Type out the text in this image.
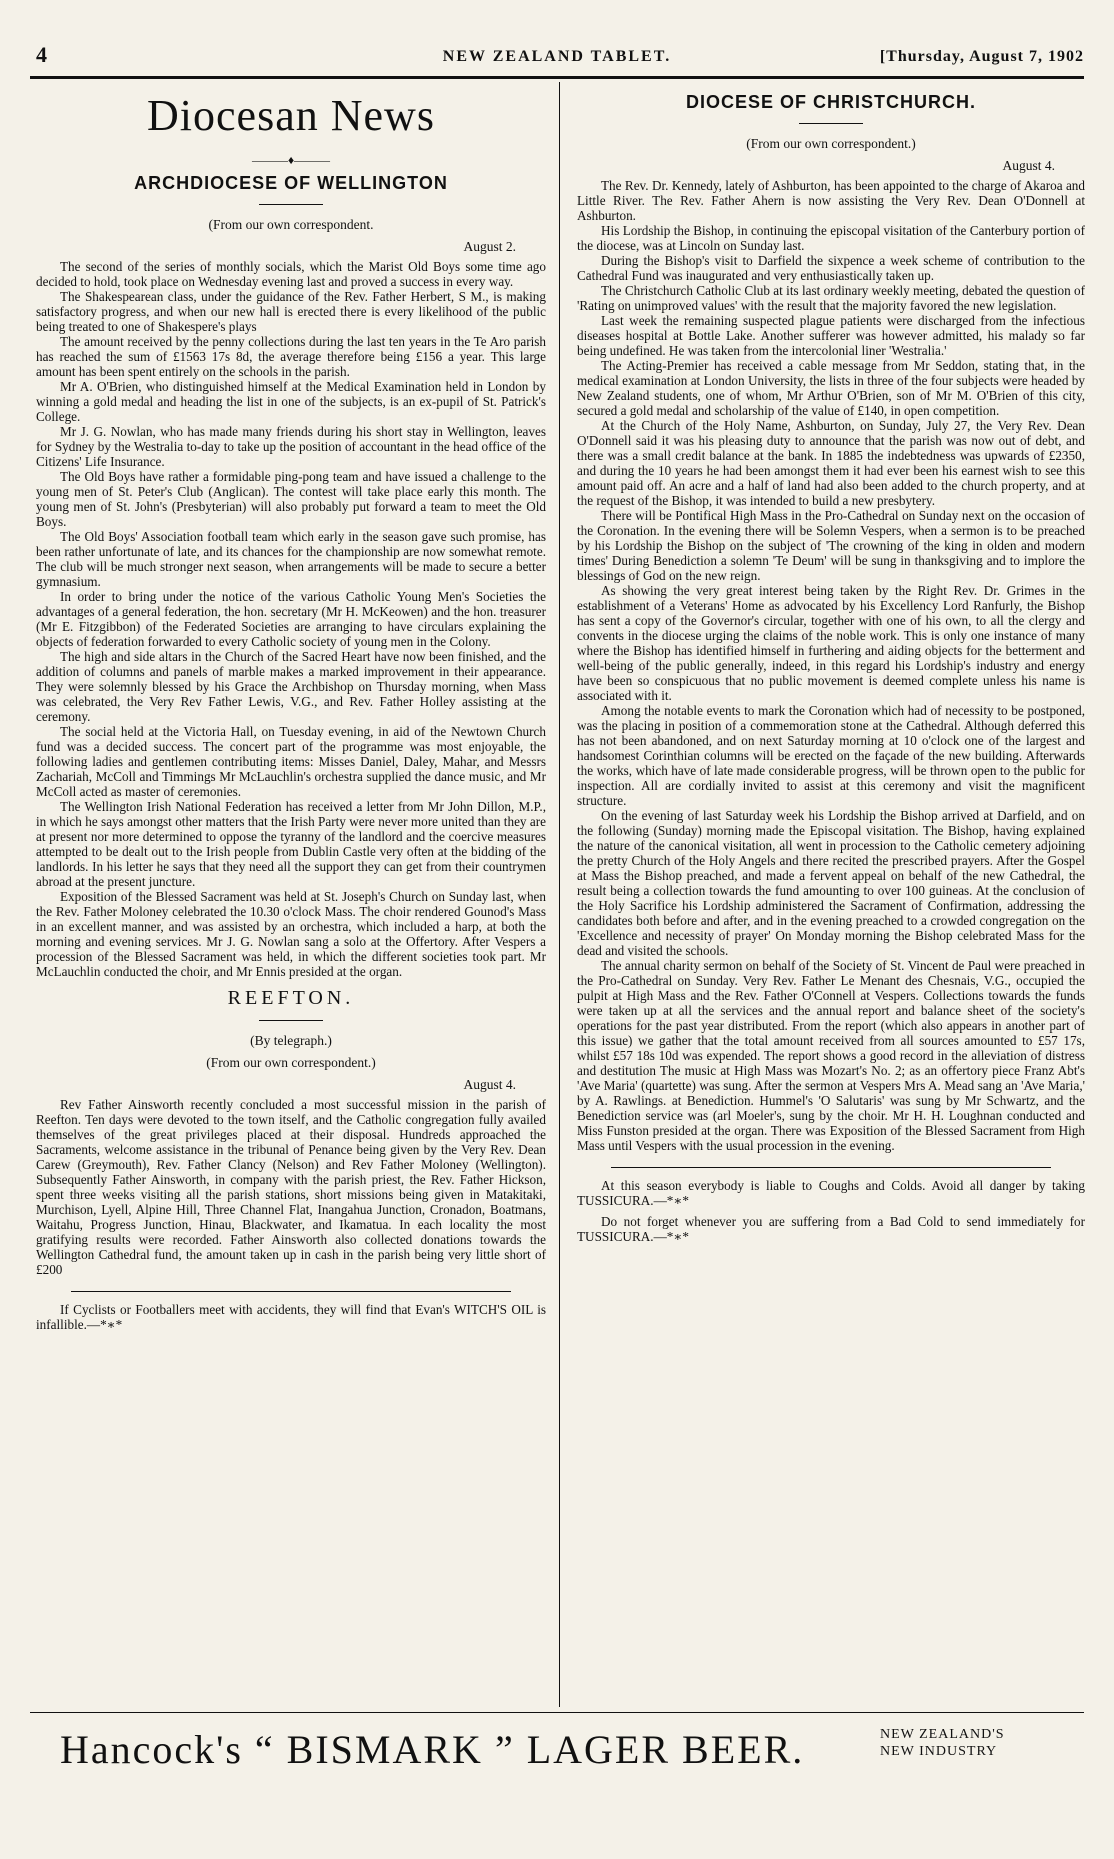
4	NEW ZEALAND TABLET.	[Thursday, August 7, 1902
Diocesan News
———♦———
ARCHDIOCESE OF WELLINGTON
(From our own correspondent.
August 2.

The second of the series of monthly socials, which the Marist Old Boys some time ago decided to hold, took place on Wednesday evening last and proved a success in every way.

The Shakespearean class, under the guidance of the Rev. Father Herbert, S M., is making satisfactory progress, and when our new hall is erected there is every likelihood of the public being treated to one of Shakespere's plays

The amount received by the penny collections during the last ten years in the Te Aro parish has reached the sum of £1563 17s 8d, the average therefore being £156 a year. This large amount has been spent entirely on the schools in the parish.

Mr A. O'Brien, who distinguished himself at the Medical Examination held in London by winning a gold medal and heading the list in one of the subjects, is an ex-pupil of St. Patrick's College.

Mr J. G. Nowlan, who has made many friends during his short stay in Wellington, leaves for Sydney by the Westralia to-day to take up the position of accountant in the head office of the Citizens' Life Insurance.

The Old Boys have rather a formidable ping-pong team and have issued a challenge to the young men of St. Peter's Club (Anglican). The contest will take place early this month. The young men of St. John's (Presbyterian) will also probably put forward a team to meet the Old Boys.

The Old Boys' Association football team which early in the season gave such promise, has been rather unfortunate of late, and its chances for the championship are now somewhat remote. The club will be much stronger next season, when arrangements will be made to secure a better gymnasium.

In order to bring under the notice of the various Catholic Young Men's Societies the advantages of a general federation, the hon. secretary (Mr H. McKeowen) and the hon. treasurer (Mr E. Fitzgibbon) of the Federated Societies are arranging to have circulars explaining the objects of federation forwarded to every Catholic society of young men in the Colony.

The high and side altars in the Church of the Sacred Heart have now been finished, and the addition of columns and panels of marble makes a marked improvement in their appearance. They were solemnly blessed by his Grace the Archbishop on Thursday morning, when Mass was celebrated, the Very Rev Father Lewis, V.G., and Rev. Father Holley assisting at the ceremony.

The social held at the Victoria Hall, on Tuesday evening, in aid of the Newtown Church fund was a decided success. The concert part of the programme was most enjoyable, the following ladies and gentlemen contributing items: Misses Daniel, Daley, Mahar, and Messrs Zachariah, McColl and Timmings Mr McLauchlin's orchestra supplied the dance music, and Mr McColl acted as master of ceremonies.

The Wellington Irish National Federation has received a letter from Mr John Dillon, M.P., in which he says amongst other matters that the Irish Party were never more united than they are at present nor more determined to oppose the tyranny of the landlord and the coercive measures attempted to be dealt out to the Irish people from Dublin Castle very often at the bidding of the landlords. In his letter he says that they need all the support they can get from their countrymen abroad at the present juncture.

Exposition of the Blessed Sacrament was held at St. Joseph's Church on Sunday last, when the Rev. Father Moloney celebrated the 10.30 o'clock Mass. The choir rendered Gounod's Mass in an excellent manner, and was assisted by an orchestra, which included a harp, at both the morning and evening services. Mr J. G. Nowlan sang a solo at the Offertory. After Vespers a procession of the Blessed Sacrament was held, in which the different societies took part. Mr McLauchlin conducted the choir, and Mr Ennis presided at the organ.

REEFTON.
(By telegraph.)
(From our own correspondent.)
August 4.

Rev Father Ainsworth recently concluded a most successful mission in the parish of Reefton. Ten days were devoted to the town itself, and the Catholic congregation fully availed themselves of the great privileges placed at their disposal. Hundreds approached the Sacraments, welcome assistance in the tribunal of Penance being given by the Very Rev. Dean Carew (Greymouth), Rev. Father Clancy (Nelson) and Rev Father Moloney (Wellington). Subsequently Father Ainsworth, in company with the parish priest, the Rev. Father Hickson, spent three weeks visiting all the parish stations, short missions being given in Matakitaki, Murchison, Lyell, Alpine Hill, Three Channel Flat, Inangahua Junction, Cronadon, Boatmans, Waitahu, Progress Junction, Hinau, Blackwater, and Ikamatua. In each locality the most gratifying results were recorded. Father Ainsworth also collected donations towards the Wellington Cathedral fund, the amount taken up in cash in the parish being very little short of £200

If Cyclists or Footballers meet with accidents, they will find that Evan's WITCH'S OIL is infallible.—*∗*

DIOCESE OF CHRISTCHURCH.
(From our own correspondent.)
August 4.

The Rev. Dr. Kennedy, lately of Ashburton, has been appointed to the charge of Akaroa and Little River. The Rev. Father Ahern is now assisting the Very Rev. Dean O'Donnell at Ashburton.

His Lordship the Bishop, in continuing the episcopal visitation of the Canterbury portion of the diocese, was at Lincoln on Sunday last.

During the Bishop's visit to Darfield the sixpence a week scheme of contribution to the Cathedral Fund was inaugurated and very enthusiastically taken up.

The Christchurch Catholic Club at its last ordinary weekly meeting, debated the question of 'Rating on unimproved values' with the result that the majority favored the new legislation.

Last week the remaining suspected plague patients were discharged from the infectious diseases hospital at Bottle Lake. Another sufferer was however admitted, his malady so far being undefined. He was taken from the intercolonial liner 'Westralia.'

The Acting-Premier has received a cable message from Mr Seddon, stating that, in the medical examination at London University, the lists in three of the four subjects were headed by New Zealand students, one of whom, Mr Arthur O'Brien, son of Mr M. O'Brien of this city, secured a gold medal and scholarship of the value of £140, in open competition.

At the Church of the Holy Name, Ashburton, on Sunday, July 27, the Very Rev. Dean O'Donnell said it was his pleasing duty to announce that the parish was now out of debt, and there was a small credit balance at the bank. In 1885 the indebtedness was upwards of £2350, and during the 10 years he had been amongst them it had ever been his earnest wish to see this amount paid off. An acre and a half of land had also been added to the church property, and at the request of the Bishop, it was intended to build a new presbytery.

There will be Pontifical High Mass in the Pro-Cathedral on Sunday next on the occasion of the Coronation. In the evening there will be Solemn Vespers, when a sermon is to be preached by his Lordship the Bishop on the subject of 'The crowning of the king in olden and modern times' During Benediction a solemn 'Te Deum' will be sung in thanksgiving and to implore the blessings of God on the new reign.

As showing the very great interest being taken by the Right Rev. Dr. Grimes in the establishment of a Veterans' Home as advocated by his Excellency Lord Ranfurly, the Bishop has sent a copy of the Governor's circular, together with one of his own, to all the clergy and convents in the diocese urging the claims of the noble work. This is only one instance of many where the Bishop has identified himself in furthering and aiding objects for the betterment and well-being of the public generally, indeed, in this regard his Lordship's industry and energy have been so conspicuous that no public movement is deemed complete unless his name is associated with it.

Among the notable events to mark the Coronation which had of necessity to be postponed, was the placing in position of a commemoration stone at the Cathedral. Although deferred this has not been abandoned, and on next Saturday morning at 10 o'clock one of the largest and handsomest Corinthian columns will be erected on the façade of the new building. Afterwards the works, which have of late made considerable progress, will be thrown open to the public for inspection. All are cordially invited to assist at this ceremony and visit the magnificent structure.

On the evening of last Saturday week his Lordship the Bishop arrived at Darfield, and on the following (Sunday) morning made the Episcopal visitation. The Bishop, having explained the nature of the canonical visitation, all went in procession to the Catholic cemetery adjoining the pretty Church of the Holy Angels and there recited the prescribed prayers. After the Gospel at Mass the Bishop preached, and made a fervent appeal on behalf of the new Cathedral, the result being a collection towards the fund amounting to over 100 guineas. At the conclusion of the Holy Sacrifice his Lordship administered the Sacrament of Confirmation, addressing the candidates both before and after, and in the evening preached to a crowded congregation on the 'Excellence and necessity of prayer' On Monday morning the Bishop celebrated Mass for the dead and visited the schools.

The annual charity sermon on behalf of the Society of St. Vincent de Paul were preached in the Pro-Cathedral on Sunday. Very Rev. Father Le Menant des Chesnais, V.G., occupied the pulpit at High Mass and the Rev. Father O'Connell at Vespers. Collections towards the funds were taken up at all the services and the annual report and balance sheet of the society's operations for the past year distributed. From the report (which also appears in another part of this issue) we gather that the total amount received from all sources amounted to £57 17s, whilst £57 18s 10d was expended. The report shows a good record in the alleviation of distress and destitution The music at High Mass was Mozart's No. 2; as an offertory piece Franz Abt's 'Ave Maria' (quartette) was sung. After the sermon at Vespers Mrs A. Mead sang an 'Ave Maria,' by A. Rawlings. at Benediction. Hummel's 'O Salutaris' was sung by Mr Schwartz, and the Benediction service was (arl Moeler's, sung by the choir. Mr H. H. Loughnan conducted and Miss Funston presided at the organ. There was Exposition of the Blessed Sacrament from High Mass until Vespers with the usual procession in the evening.

At this season everybody is liable to Coughs and Colds. Avoid all danger by taking TUSSICURA.—*∗*

Do not forget whenever you are suffering from a Bad Cold to send immediately for TUSSICURA.—*∗*

Hancock's “ BISMARK ” LAGER BEER.	NEW ZEALAND'S
NEW INDUSTRY
